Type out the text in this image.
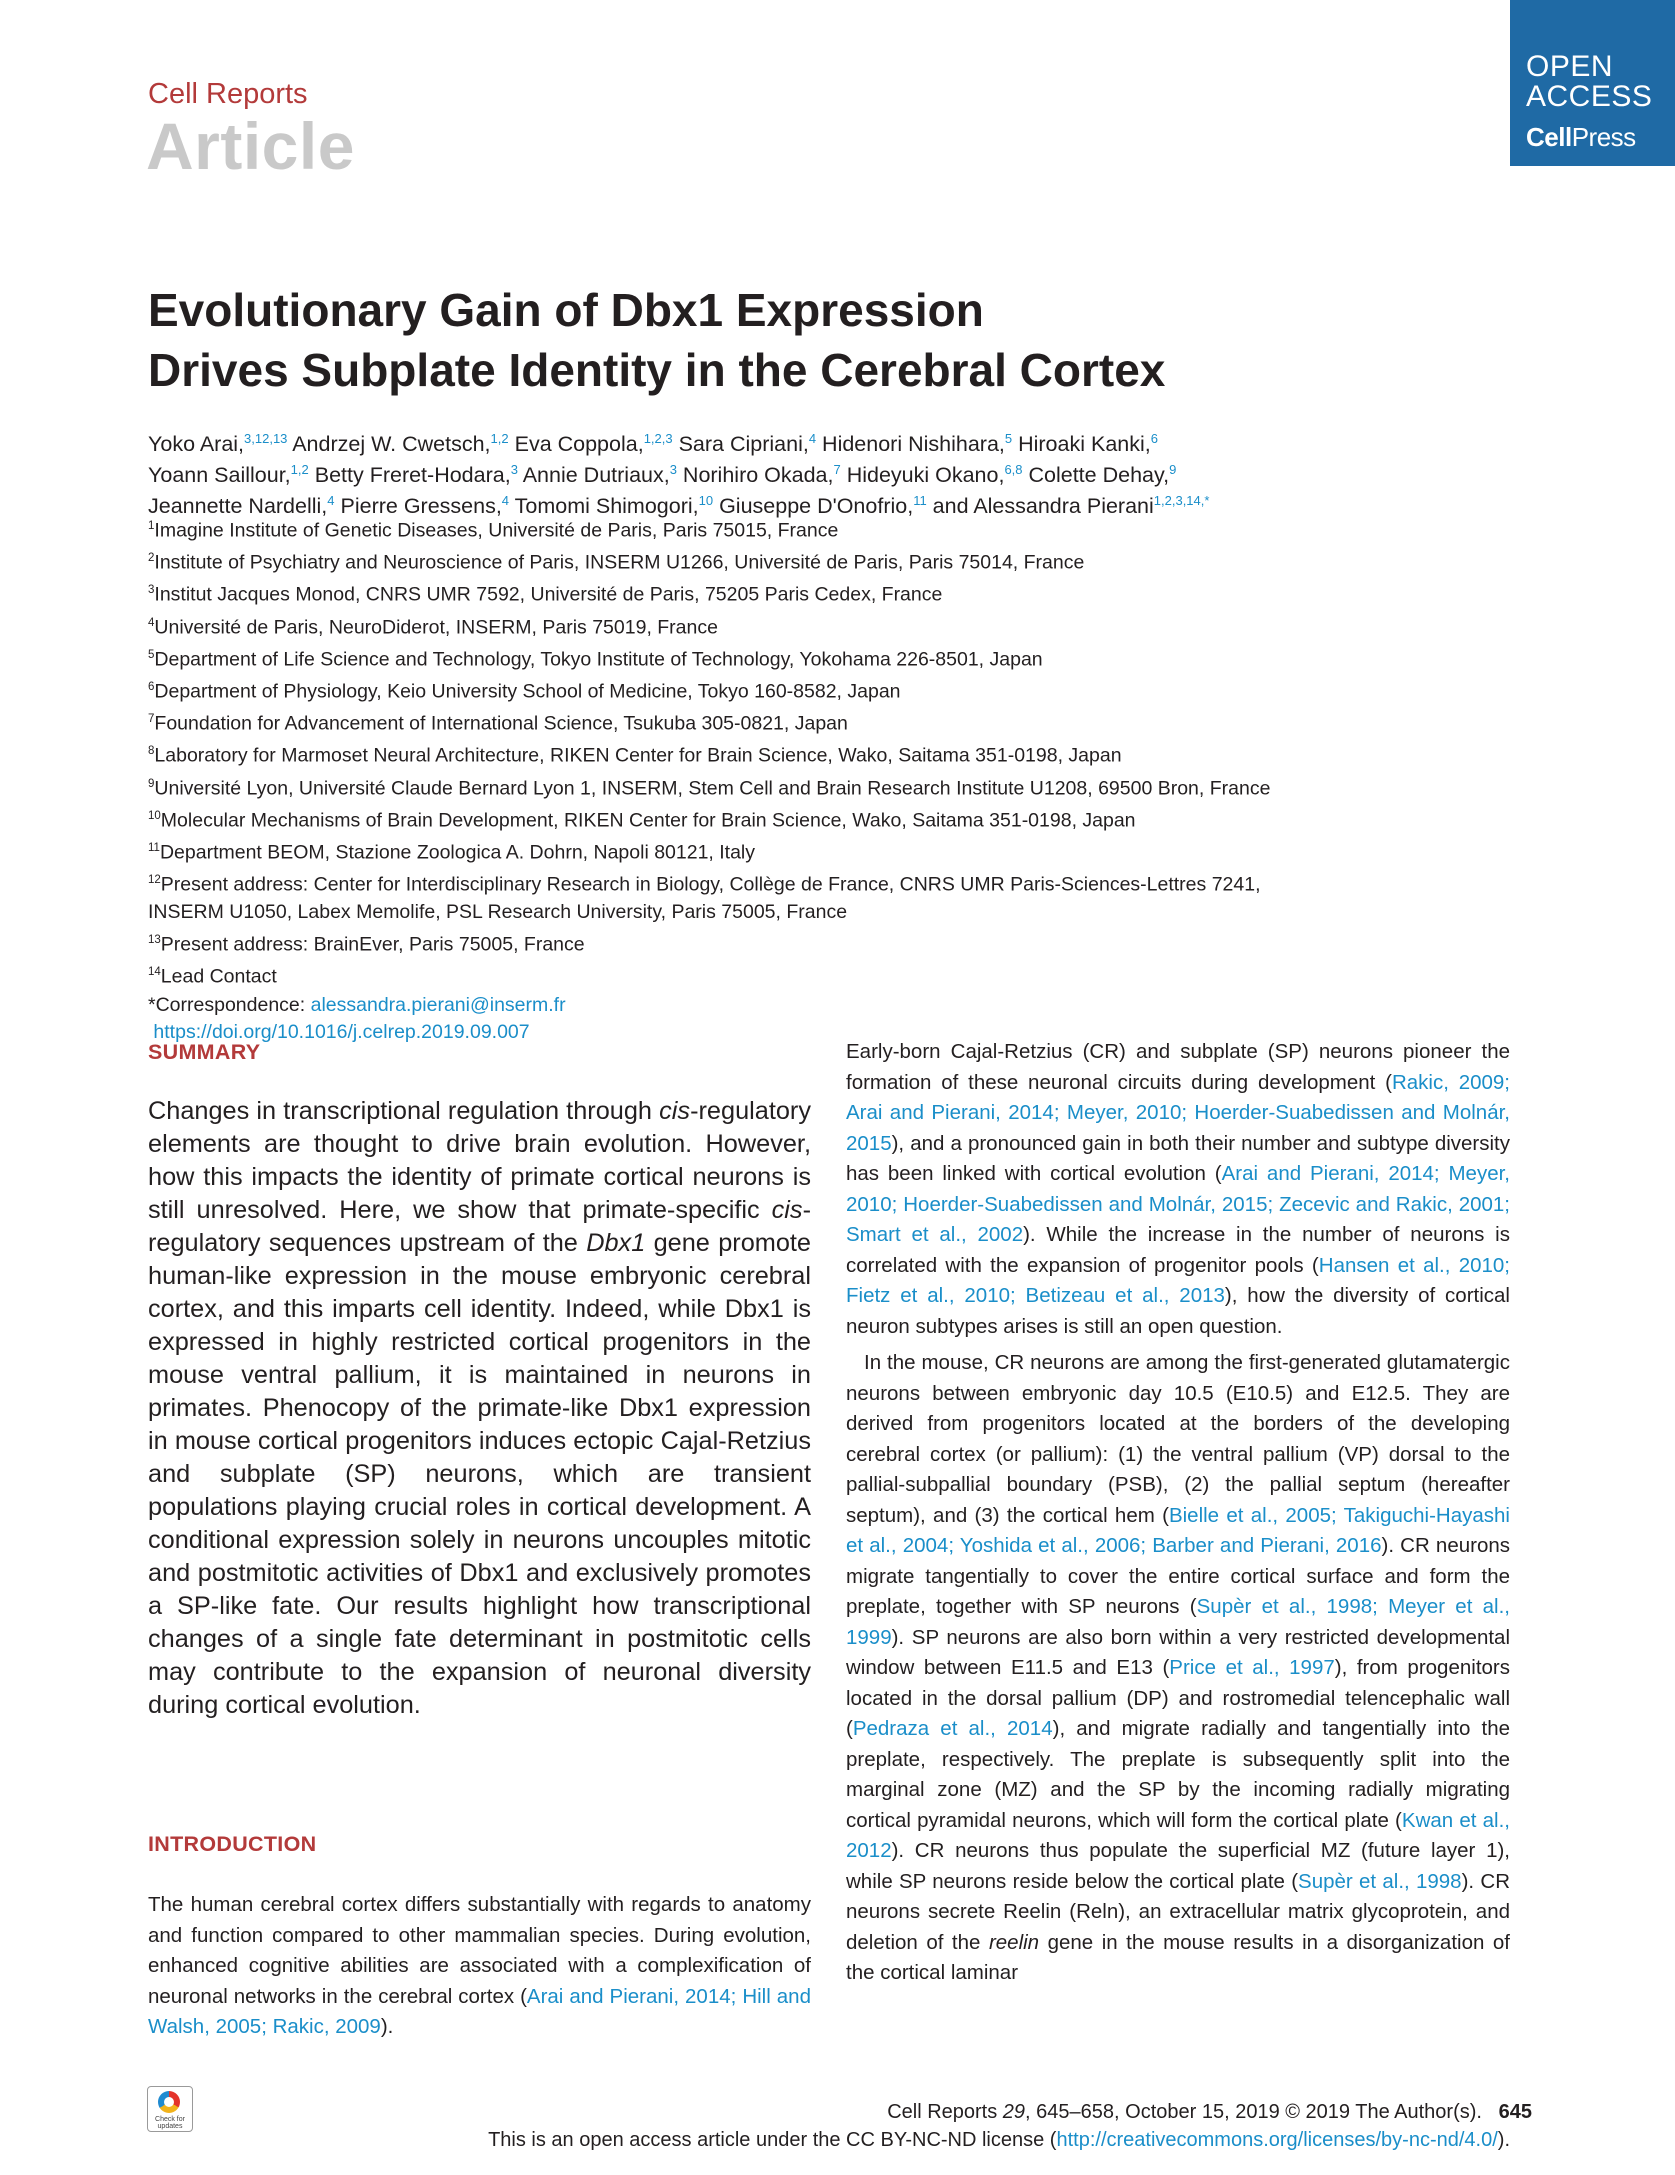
Cell Reports
Article
OPEN
ACCESS
CellPress
Evolutionary Gain of Dbx1 Expression
Drives Subplate Identity in the Cerebral Cortex
Yoko Arai,$^{3,12,13}$ Andrzej W. Cwetsch,$^{1,2}$ Eva Coppola,$^{1,2,3}$ Sara Cipriani,$^4$ Hidenori Nishihara,$^5$ Hiroaki Kanki,$^6$
Yoann Saillour,$^{1,2}$ Betty Freret-Hodara,$^3$ Annie Dutriaux,$^3$ Norihiro Okada,$^7$ Hideyuki Okano,$^{6,8}$ Colette Dehay,$^9$
Jeannette Nardelli,$^4$ Pierre Gressens,$^4$ Tomomi Shimogori,$^{10}$ Giuseppe D'Onofrio,$^{11}$ and Alessandra Pierani$^{1,2,3,14,*}$
$^1$Imagine Institute of Genetic Diseases, Université de Paris, Paris 75015, France
$^2$Institute of Psychiatry and Neuroscience of Paris, INSERM U1266, Université de Paris, Paris 75014, France
$^3$Institut Jacques Monod, CNRS UMR 7592, Université de Paris, 75205 Paris Cedex, France
$^4$Université de Paris, NeuroDiderot, INSERM, Paris 75019, France
$^5$Department of Life Science and Technology, Tokyo Institute of Technology, Yokohama 226-8501, Japan
$^6$Department of Physiology, Keio University School of Medicine, Tokyo 160-8582, Japan
$^7$Foundation for Advancement of International Science, Tsukuba 305-0821, Japan
$^8$Laboratory for Marmoset Neural Architecture, RIKEN Center for Brain Science, Wako, Saitama 351-0198, Japan
$^9$Université Lyon, Université Claude Bernard Lyon 1, INSERM, Stem Cell and Brain Research Institute U1208, 69500 Bron, France
$^{10}$Molecular Mechanisms of Brain Development, RIKEN Center for Brain Science, Wako, Saitama 351-0198, Japan
$^{11}$Department BEOM, Stazione Zoologica A. Dohrn, Napoli 80121, Italy
$^{12}$Present address: Center for Interdisciplinary Research in Biology, Collège de France, CNRS UMR Paris-Sciences-Lettres 7241,
INSERM U1050, Labex Memolife, PSL Research University, Paris 75005, France
$^{13}$Present address: BrainEver, Paris 75005, France
$^{14}$Lead Contact
*Correspondence: alessandra.pierani@inserm.fr
https://doi.org/10.1016/j.celrep.2019.09.007
SUMMARY
Changes in transcriptional regulation through cis-regulatory elements are thought to drive brain evolution. However, how this impacts the identity of primate cortical neurons is still unresolved. Here, we show that primate-specific cis-regulatory sequences upstream of the Dbx1 gene promote human-like expression in the mouse embryonic cerebral cortex, and this imparts cell identity. Indeed, while Dbx1 is expressed in highly restricted cortical progenitors in the mouse ventral pallium, it is maintained in neurons in primates. Phenocopy of the primate-like Dbx1 expression in mouse cortical progenitors induces ectopic Cajal-Retzius and subplate (SP) neurons, which are transient populations playing crucial roles in cortical development. A conditional expression solely in neurons uncouples mitotic and postmitotic activities of Dbx1 and exclusively promotes a SP-like fate. Our results highlight how transcriptional changes of a single fate determinant in postmitotic cells may contribute to the expansion of neuronal diversity during cortical evolution.
INTRODUCTION
The human cerebral cortex differs substantially with regards to anatomy and function compared to other mammalian species. During evolution, enhanced cognitive abilities are associated with a complexification of neuronal networks in the cerebral cortex (Arai and Pierani, 2014; Hill and Walsh, 2005; Rakic, 2009).

Early-born Cajal-Retzius (CR) and subplate (SP) neurons pioneer the formation of these neuronal circuits during development (Rakic, 2009; Arai and Pierani, 2014; Meyer, 2010; Hoerder-Suabedissen and Molnár, 2015), and a pronounced gain in both their number and subtype diversity has been linked with cortical evolution (Arai and Pierani, 2014; Meyer, 2010; Hoerder-Suabedissen and Molnár, 2015; Zecevic and Rakic, 2001; Smart et al., 2002). While the increase in the number of neurons is correlated with the expansion of progenitor pools (Hansen et al., 2010; Fietz et al., 2010; Betizeau et al., 2013), how the diversity of cortical neuron subtypes arises is still an open question.

In the mouse, CR neurons are among the first-generated glutamatergic neurons between embryonic day 10.5 (E10.5) and E12.5. They are derived from progenitors located at the borders of the developing cerebral cortex (or pallium): (1) the ventral pallium (VP) dorsal to the pallial-subpallial boundary (PSB), (2) the pallial septum (hereafter septum), and (3) the cortical hem (Bielle et al., 2005; Takiguchi-Hayashi et al., 2004; Yoshida et al., 2006; Barber and Pierani, 2016). CR neurons migrate tangentially to cover the entire cortical surface and form the preplate, together with SP neurons (Supèr et al., 1998; Meyer et al., 1999). SP neurons are also born within a very restricted developmental window between E11.5 and E13 (Price et al., 1997), from progenitors located in the dorsal pallium (DP) and rostromedial telencephalic wall (Pedraza et al., 2014), and migrate radially and tangentially into the preplate, respectively. The preplate is subsequently split into the marginal zone (MZ) and the SP by the incoming radially migrating cortical pyramidal neurons, which will form the cortical plate (Kwan et al., 2012). CR neurons thus populate the superficial MZ (future layer 1), while SP neurons reside below the cortical plate (Supèr et al., 1998). CR neurons secrete Reelin (Reln), an extracellular matrix glycoprotein, and deletion of the reelin gene in the mouse results in a disorganization of the cortical laminar

Check for
updates
Cell Reports 29, 645–658, October 15, 2019 © 2019 The Author(s). 645
This is an open access article under the CC BY-NC-ND license (http://creativecommons.org/licenses/by-nc-nd/4.0/).
